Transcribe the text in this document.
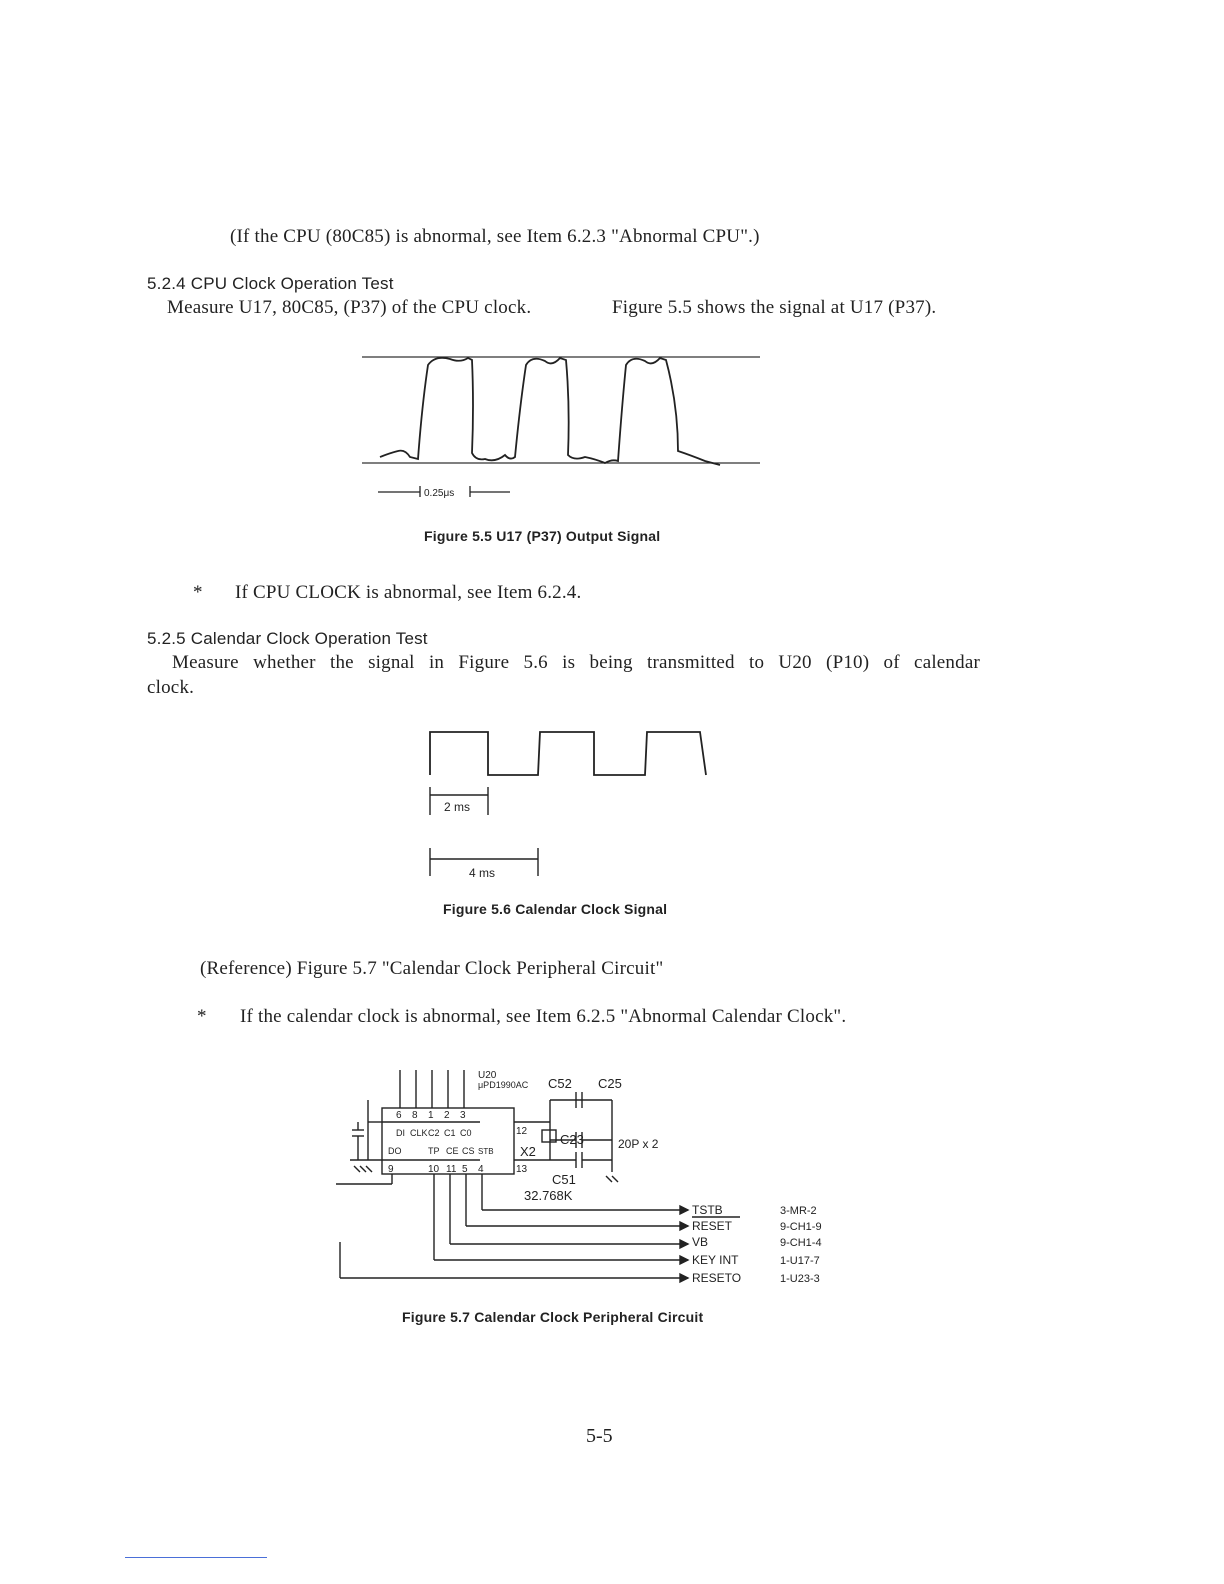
(If the CPU (80C85) is abnormal, see Item 6.2.3 "Abnormal CPU".)
5.2.4 CPU Clock Operation Test
Measure U17, 80C85, (P37) of the CPU clock.	Figure 5.5 shows the signal at U17 (P37).
0.25μs
Figure 5.5 U17 (P37) Output Signal
* If CPU CLOCK is abnormal, see Item 6.2.4.
5.2.5 Calendar Clock Operation Test
Measure whether the signal in Figure 5.6 is being transmitted to U20 (P10) of calendar
clock.
2 ms
4 ms
Figure 5.6 Calendar Clock Signal
(Reference) Figure 5.7 "Calendar Clock Peripheral Circuit"
* If the calendar clock is abnormal, see Item 6.2.5 "Abnormal Calendar Clock".
U20
μPD1990AC C52 C25
C23
C51
20P x 2
32.768K
X2
6 8 1 2 3
DI CLK C2 C1 C0
DO	TP CE CS STB
9	10 11 5 4
12
13
TSTB
RESET
VB
KEY INT
RESETO
3-MR-2
9-CH1-9
9-CH1-4
1-U17-7
1-U23-3
Figure 5.7 Calendar Clock Peripheral Circuit
5-5
